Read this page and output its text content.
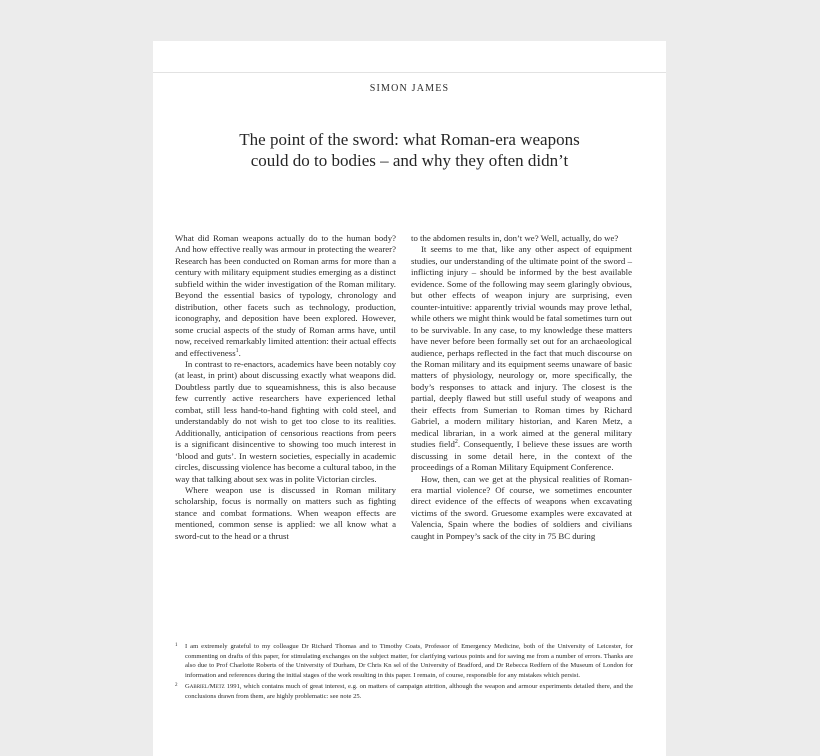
SIMON JAMES
The point of the sword: what Roman-era weapons
could do to bodies – and why they often didn’t

What did Roman weapons actually do to the human body? And how effective really was armour in protecting the wearer? Research has been conducted on Roman arms for more than a century with military equipment studies emerging as a distinct subfield within the wider investigation of the Roman military. Beyond the essential basics of typology, chronology and distribution, other facets such as technology, production, iconography, and deposition have been explored. However, some crucial aspects of the study of Roman arms have, until now, received remarkably limited attention: their actual effects and effectiveness$^1$.

In contrast to re-enactors, academics have been notably coy (at least, in print) about discussing exactly what weapons did. Doubtless partly due to squeamishness, this is also because few currently active researchers have experienced lethal combat, still less hand-to-hand fighting with cold steel, and understandably do not wish to get too close to its realities. Additionally, anticipation of censorious reactions from peers is a significant disincentive to showing too much interest in ‘blood and guts’. In western societies, especially in academic circles, discussing violence has become a cultural taboo, in the way that talking about sex was in polite Victorian circles.

Where weapon use is discussed in Roman military scholarship, focus is normally on matters such as fighting stance and combat formations. When weapon effects are mentioned, common sense is applied: we all know what a sword-cut to the head or a thrust

to the abdomen results in, don’t we? Well, actually, do we?

It seems to me that, like any other aspect of equipment studies, our understanding of the ultimate point of the sword – inflicting injury – should be informed by the best available evidence. Some of the following may seem glaringly obvious, but other effects of weapon injury are surprising, even counter-intuitive: apparently trivial wounds may prove lethal, while others we might think would be fatal sometimes turn out to be survivable. In any case, to my knowledge these matters have never before been formally set out for an archaeological audience, perhaps reflected in the fact that much discourse on the Roman military and its equipment seems unaware of basic matters of physiology, neurology or, more specifically, the body’s responses to attack and injury. The closest is the partial, deeply flawed but still useful study of weapons and their effects from Sumerian to Roman times by Richard Gabriel, a modern military historian, and Karen Metz, a medical librarian, in a work aimed at the general military studies field$^2$. Consequently, I believe these issues are worth discussing in some detail here, in the context of the proceedings of a Roman Military Equipment Conference.

How, then, can we get at the physical realities of Roman-era martial violence? Of course, we sometimes encounter direct evidence of the effects of weapons when excavating victims of the sword. Gruesome examples were excavated at Valencia, Spain where the bodies of soldiers and civilians caught in Pompey’s sack of the city in 75 BC during

1 I am extremely grateful to my colleague Dr Richard Thomas and to Timothy Coats, Professor of Emergency Medicine, both of the University of Leicester, for commenting on drafts of this paper, for stimulating exchanges on the subject matter, for clarifying various points and for saving me from a number of errors. Thanks are also due to Prof Charlotte Roberts of the University of Durham, Dr Chris Kn sel of the University of Bradford, and Dr Rebecca Redfern of the Museum of London for information and references during the initial stages of the work resulting in this paper. I remain, of course, responsible for any mistakes which persist.
2 Gabriel/Metz 1991, which contains much of great interest, e.g. on matters of campaign attrition, although the weapon and armour experiments detailed there, and the conclusions drawn from them, are highly problematic: see note 25.
